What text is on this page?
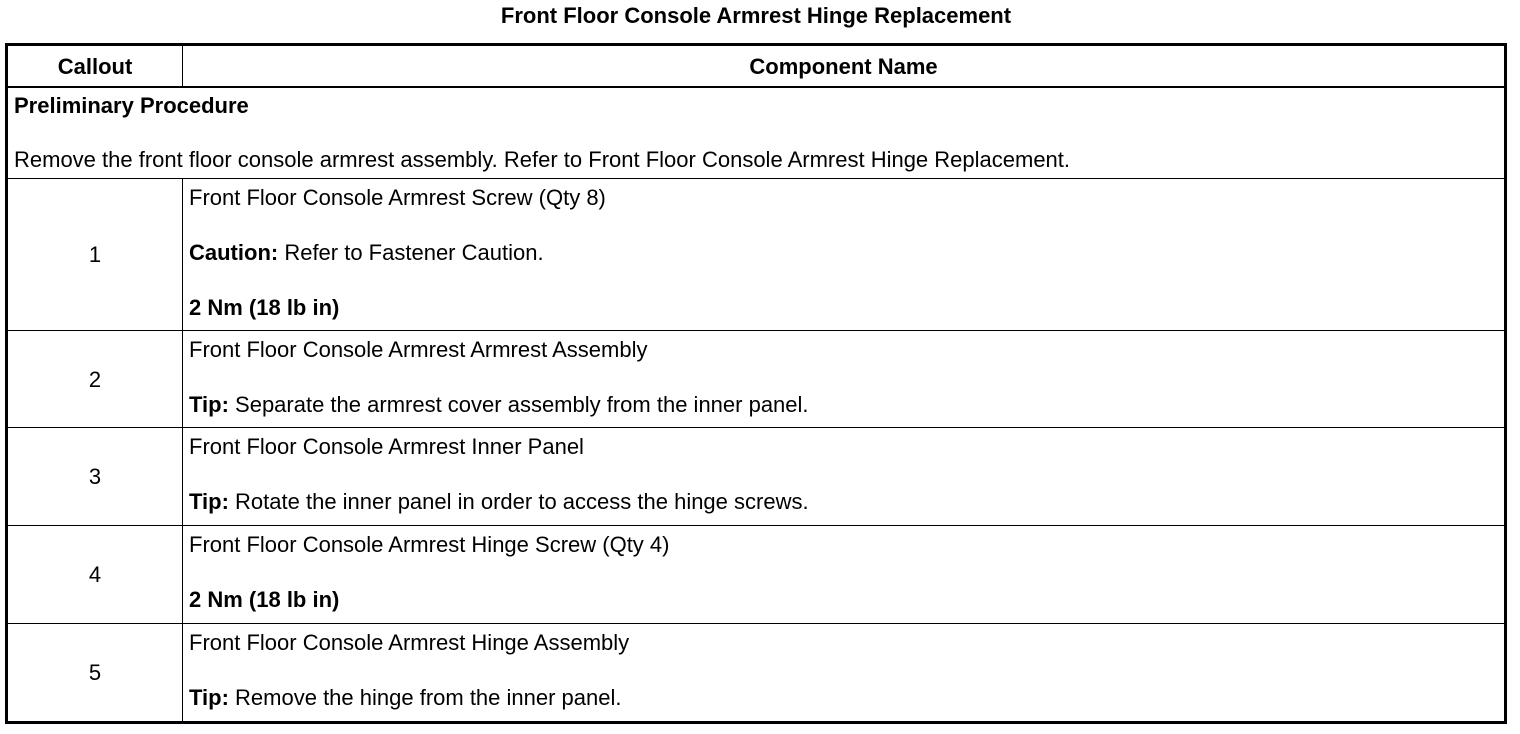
Front Floor Console Armrest Hinge Replacement
Callout	Component Name

Preliminary Procedure
Remove the front floor console armrest assembly. Refer to Front Floor Console Armrest Hinge Replacement.	

1	Front Floor Console Armrest Screw (Qty 8)
Caution: Refer to Fastener Caution.
2 Nm (18 lb in)

2	Front Floor Console Armrest Armrest Assembly
Tip: Separate the armrest cover assembly from the inner panel.

3	Front Floor Console Armrest Inner Panel
Tip: Rotate the inner panel in order to access the hinge screws.

4	Front Floor Console Armrest Hinge Screw (Qty 4)
2 Nm (18 lb in)

5	Front Floor Console Armrest Hinge Assembly
Tip: Remove the hinge from the inner panel.
